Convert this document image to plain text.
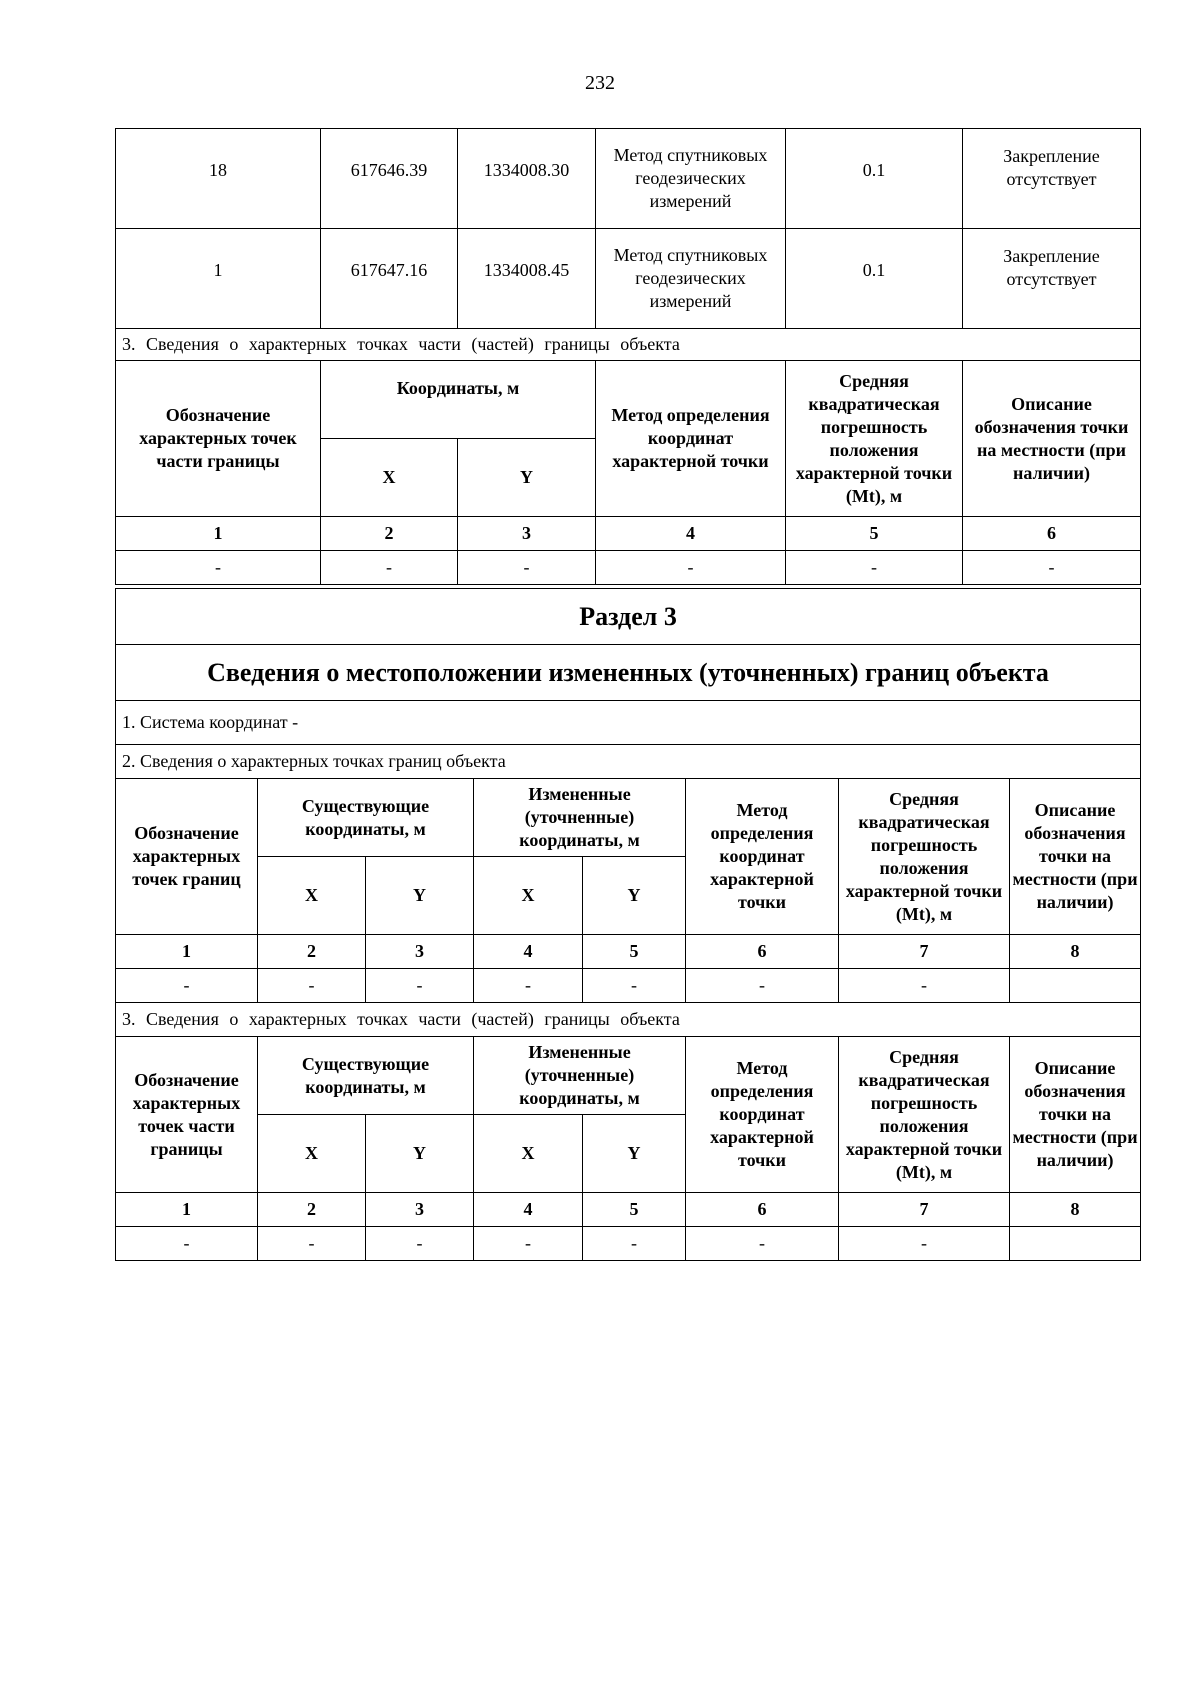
232
18	617646.39	1334008.30	Метод спутниковых геодезических измерений	0.1	Закрепление отсутствует
1	617647.16	1334008.45	Метод спутниковых геодезических измерений	0.1	Закрепление отсутствует
3. Сведения о характерных точках части (частей) границы объекта					
Обозначение характерных точек части границы	Координаты, м		Метод определения координат характерной точки	Средняя квадратическая погрешность положения характерной точки (Mt), м	Описание обозначения точки на местности (при наличии)
	X	Y			
1	2	3	4	5	6
-	-	-	-	-	-
Раздел 3							
Сведения о местоположении измененных (уточненных) границ объекта							
1. Система координат -							
2. Сведения о характерных точках границ объекта							
Обозначение характерных точек границ	Существующие координаты, м		Измененные (уточненные) координаты, м		Метод определения координат характерной точки	Средняя квадратическая погрешность положения характерной точки (Mt), м	Описание обозначения точки на местности (при наличии)
	X	Y	X	Y			
1	2	3	4	5	6	7	8
-	-	-	-	-	-	-	
3. Сведения о характерных точках части (частей) границы объекта							
Обозначение характерных точек части границы	Существующие координаты, м		Измененные (уточненные) координаты, м		Метод определения координат характерной точки	Средняя квадратическая погрешность положения характерной точки (Mt), м	Описание обозначения точки на местности (при наличии)
	X	Y	X	Y			
1	2	3	4	5	6	7	8
-	-	-	-	-	-	-	
